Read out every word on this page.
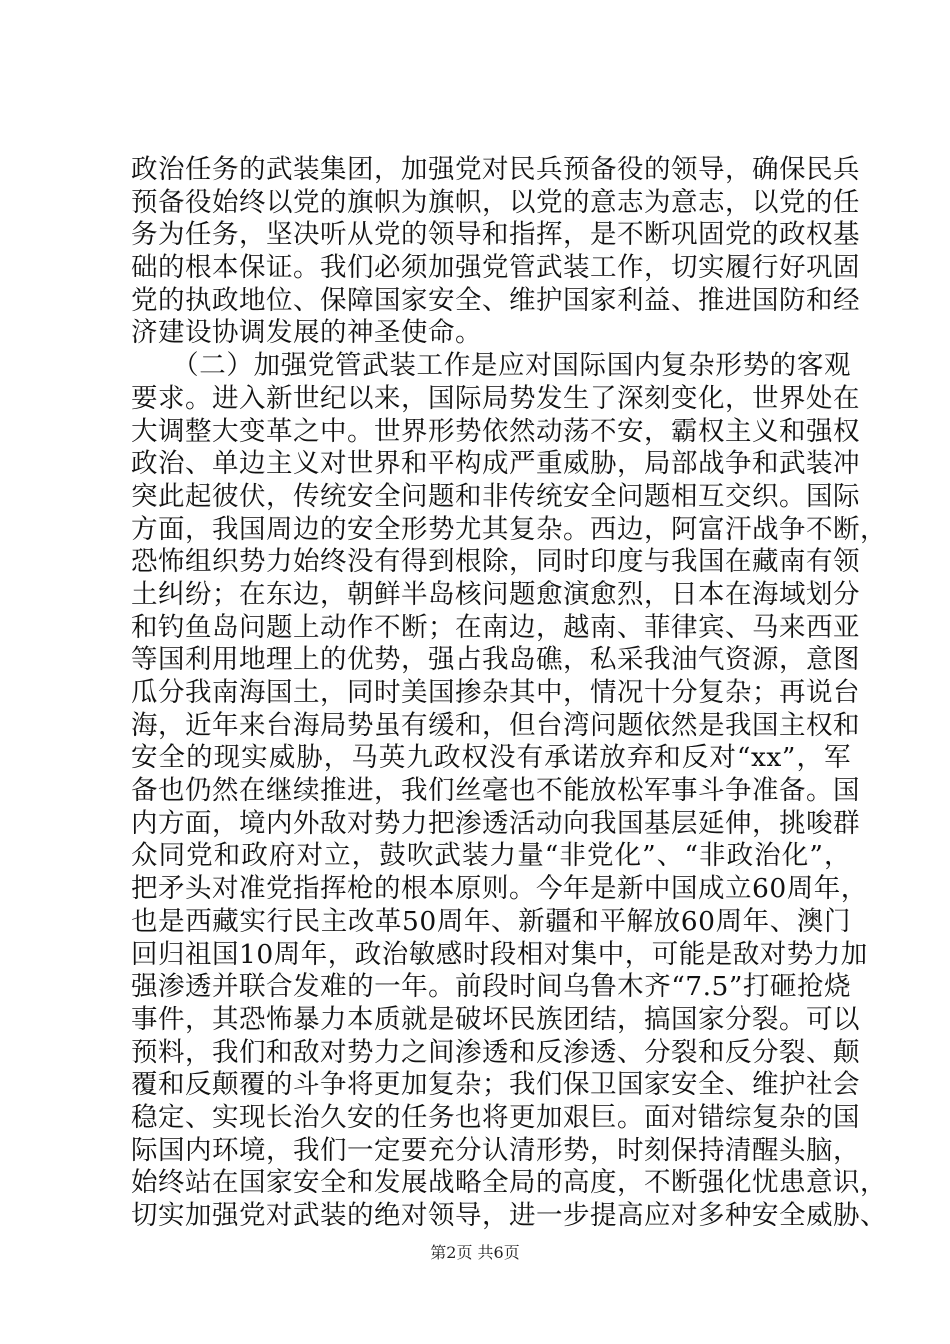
政治任务的武装集团，加强党对民兵预备役的领导，确保民兵
预备役始终以党的旗帜为旗帜，以党的意志为意志，以党的任
务为任务，坚决听从党的领导和指挥，是不断巩固党的政权基
础的根本保证。我们必须加强党管武装工作，切实履行好巩固
党的执政地位、保障国家安全、维护国家利益、推进国防和经
济建设协调发展的神圣使命。
　　（二）加强党管武装工作是应对国际国内复杂形势的客观
要求。进入新世纪以来，国际局势发生了深刻变化，世界处在
大调整大变革之中。世界形势依然动荡不安，霸权主义和强权
政治、单边主义对世界和平构成严重威胁，局部战争和武装冲
突此起彼伏，传统安全问题和非传统安全问题相互交织。国际
方面，我国周边的安全形势尤其复杂。西边，阿富汗战争不断，
恐怖组织势力始终没有得到根除，同时印度与我国在藏南有领
土纠纷；在东边，朝鲜半岛核问题愈演愈烈，日本在海域划分
和钓鱼岛问题上动作不断；在南边，越南、菲律宾、马来西亚
等国利用地理上的优势，强占我岛礁，私采我油气资源，意图
瓜分我南海国土，同时美国掺杂其中，情况十分复杂；再说台
海，近年来台海局势虽有缓和，但台湾问题依然是我国主权和
安全的现实威胁，马英九政权没有承诺放弃和反对“xx”，军
备也仍然在继续推进，我们丝毫也不能放松军事斗争准备。国
内方面，境内外敌对势力把渗透活动向我国基层延伸，挑唆群
众同党和政府对立，鼓吹武装力量“非党化”、“非政治化”，
把矛头对准党指挥枪的根本原则。今年是新中国成立60周年，
也是西藏实行民主改革50周年、新疆和平解放60周年、澳门
回归祖国10周年，政治敏感时段相对集中，可能是敌对势力加
强渗透并联合发难的一年。前段时间乌鲁木齐“7.5”打砸抢烧
事件，其恐怖暴力本质就是破坏民族团结，搞国家分裂。可以
预料，我们和敌对势力之间渗透和反渗透、分裂和反分裂、颠
覆和反颠覆的斗争将更加复杂；我们保卫国家安全、维护社会
稳定、实现长治久安的任务也将更加艰巨。面对错综复杂的国
际国内环境，我们一定要充分认清形势，时刻保持清醒头脑，
始终站在国家安全和发展战略全局的高度，不断强化忧患意识，
切实加强党对武装的绝对领导，进一步提高应对多种安全威胁、
第2页 共6页
